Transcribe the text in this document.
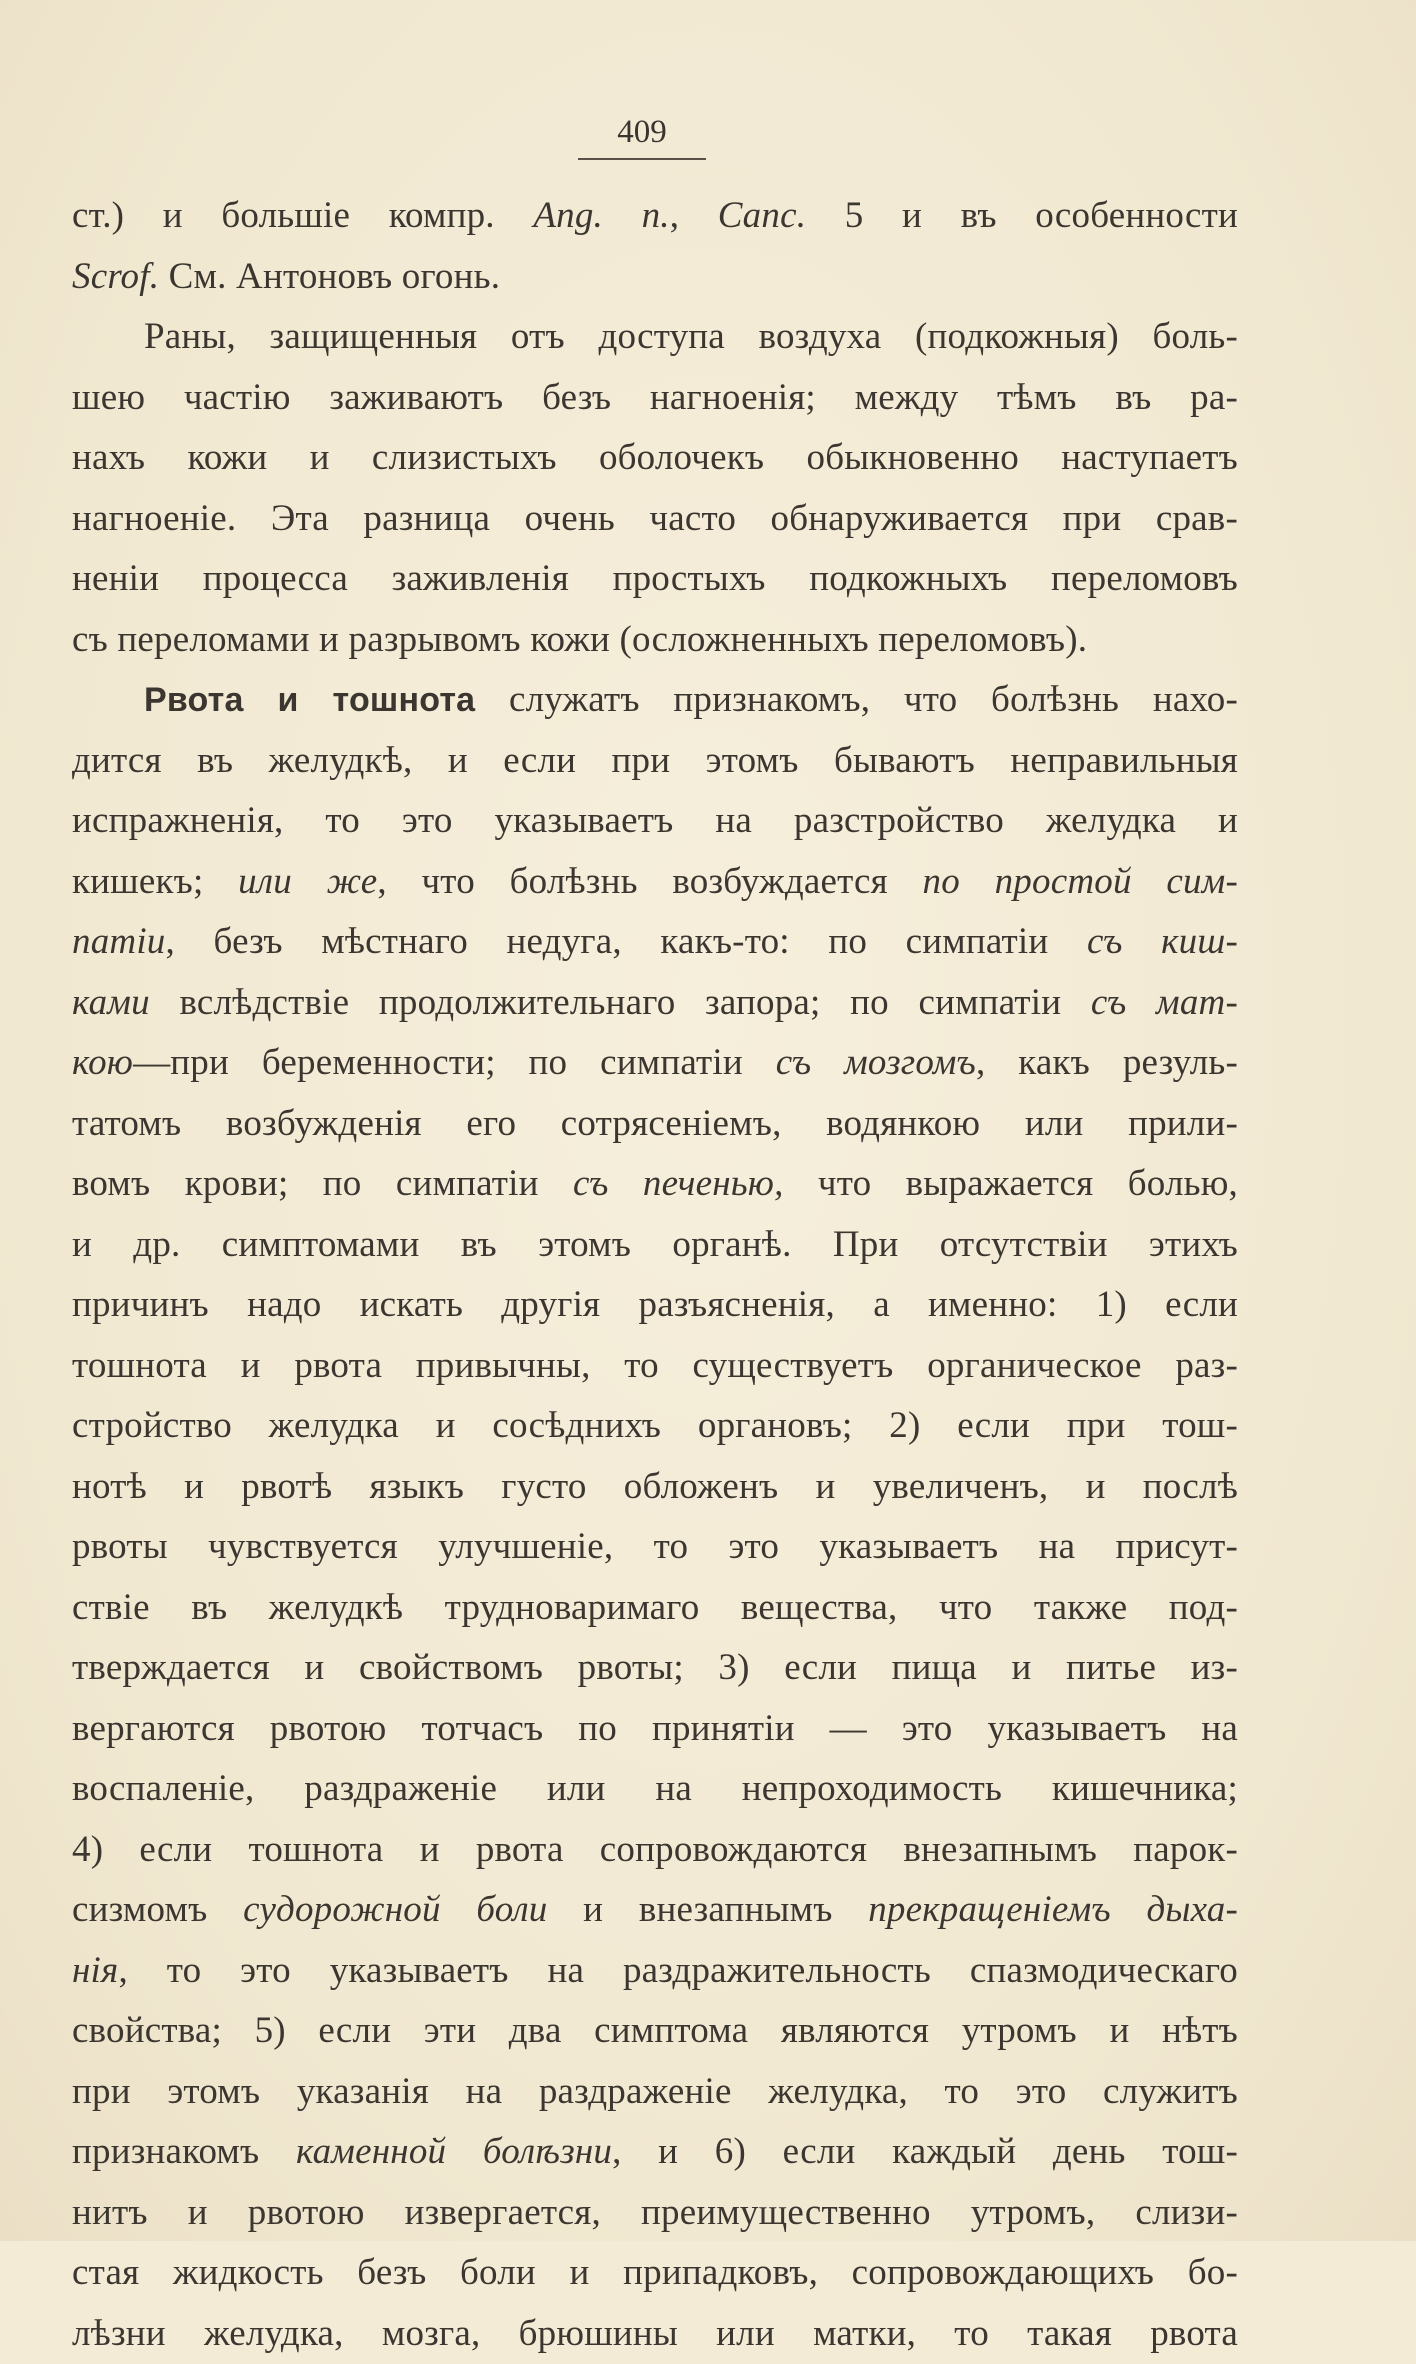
409

ст.) и большіе компр. Ang. n., Canc. 5 и въ особенности

Scrof. См. Антоновъ огонь.

Раны, защищенныя отъ доступа воздуха (подкожныя) боль-

шею частію заживаютъ безъ нагноенія; между тѣмъ въ ра-

нахъ кожи и слизистыхъ оболочекъ обыкновенно наступаетъ

нагноеніе. Эта разница очень часто обнаруживается при срав-

неніи процесса заживленія простыхъ подкожныхъ переломовъ

съ переломами и разрывомъ кожи (осложненныхъ переломовъ).

Рвота и тошнота служатъ признакомъ, что болѣзнь нахо-

дится въ желудкѣ, и если при этомъ бываютъ неправильныя

испражненія, то это указываетъ на разстройство желудка и

кишекъ; или же, что болѣзнь возбуждается по простой сим-

патіи, безъ мѣстнаго недуга, какъ-то: по симпатіи съ киш-

ками вслѣдствіе продолжительнаго запора; по симпатіи съ мат-

кою—при беременности; по симпатіи съ мозгомъ, какъ резуль-

татомъ возбужденія его сотрясеніемъ, водянкою или прили-

вомъ крови; по симпатіи съ печенью, что выражается болью,

и др. симптомами въ этомъ органѣ. При отсутствіи этихъ

причинъ надо искать другія разъясненія, а именно: 1) если

тошнота и рвота привычны, то существуетъ органическое раз-

стройство желудка и сосѣднихъ органовъ; 2) если при тош-

нотѣ и рвотѣ языкъ густо обложенъ и увеличенъ, и послѣ

рвоты чувствуется улучшеніе, то это указываетъ на присут-

ствіе въ желудкѣ трудноваримаго вещества, что также под-

тверждается и свойствомъ рвоты; 3) если пища и питье из-

вергаются рвотою тотчасъ по принятіи — это указываетъ на

воспаленіе, раздраженіе или на непроходимость кишечника;

4) если тошнота и рвота сопровождаются внезапнымъ парок-

сизмомъ судорожной боли и внезапнымъ прекращеніемъ дыха-

нія, то это указываетъ на раздражительность спазмодическаго

свойства; 5) если эти два симптома являются утромъ и нѣтъ

при этомъ указанія на раздраженіе желудка, то это служитъ

признакомъ каменной болѣзни, и 6) если каждый день тош-

нитъ и рвотою извергается, преимущественно утромъ, слизи-

стая жидкость безъ боли и припадковъ, сопровождающихъ бо-

лѣзни желудка, мозга, брюшины или матки, то такая рвота
